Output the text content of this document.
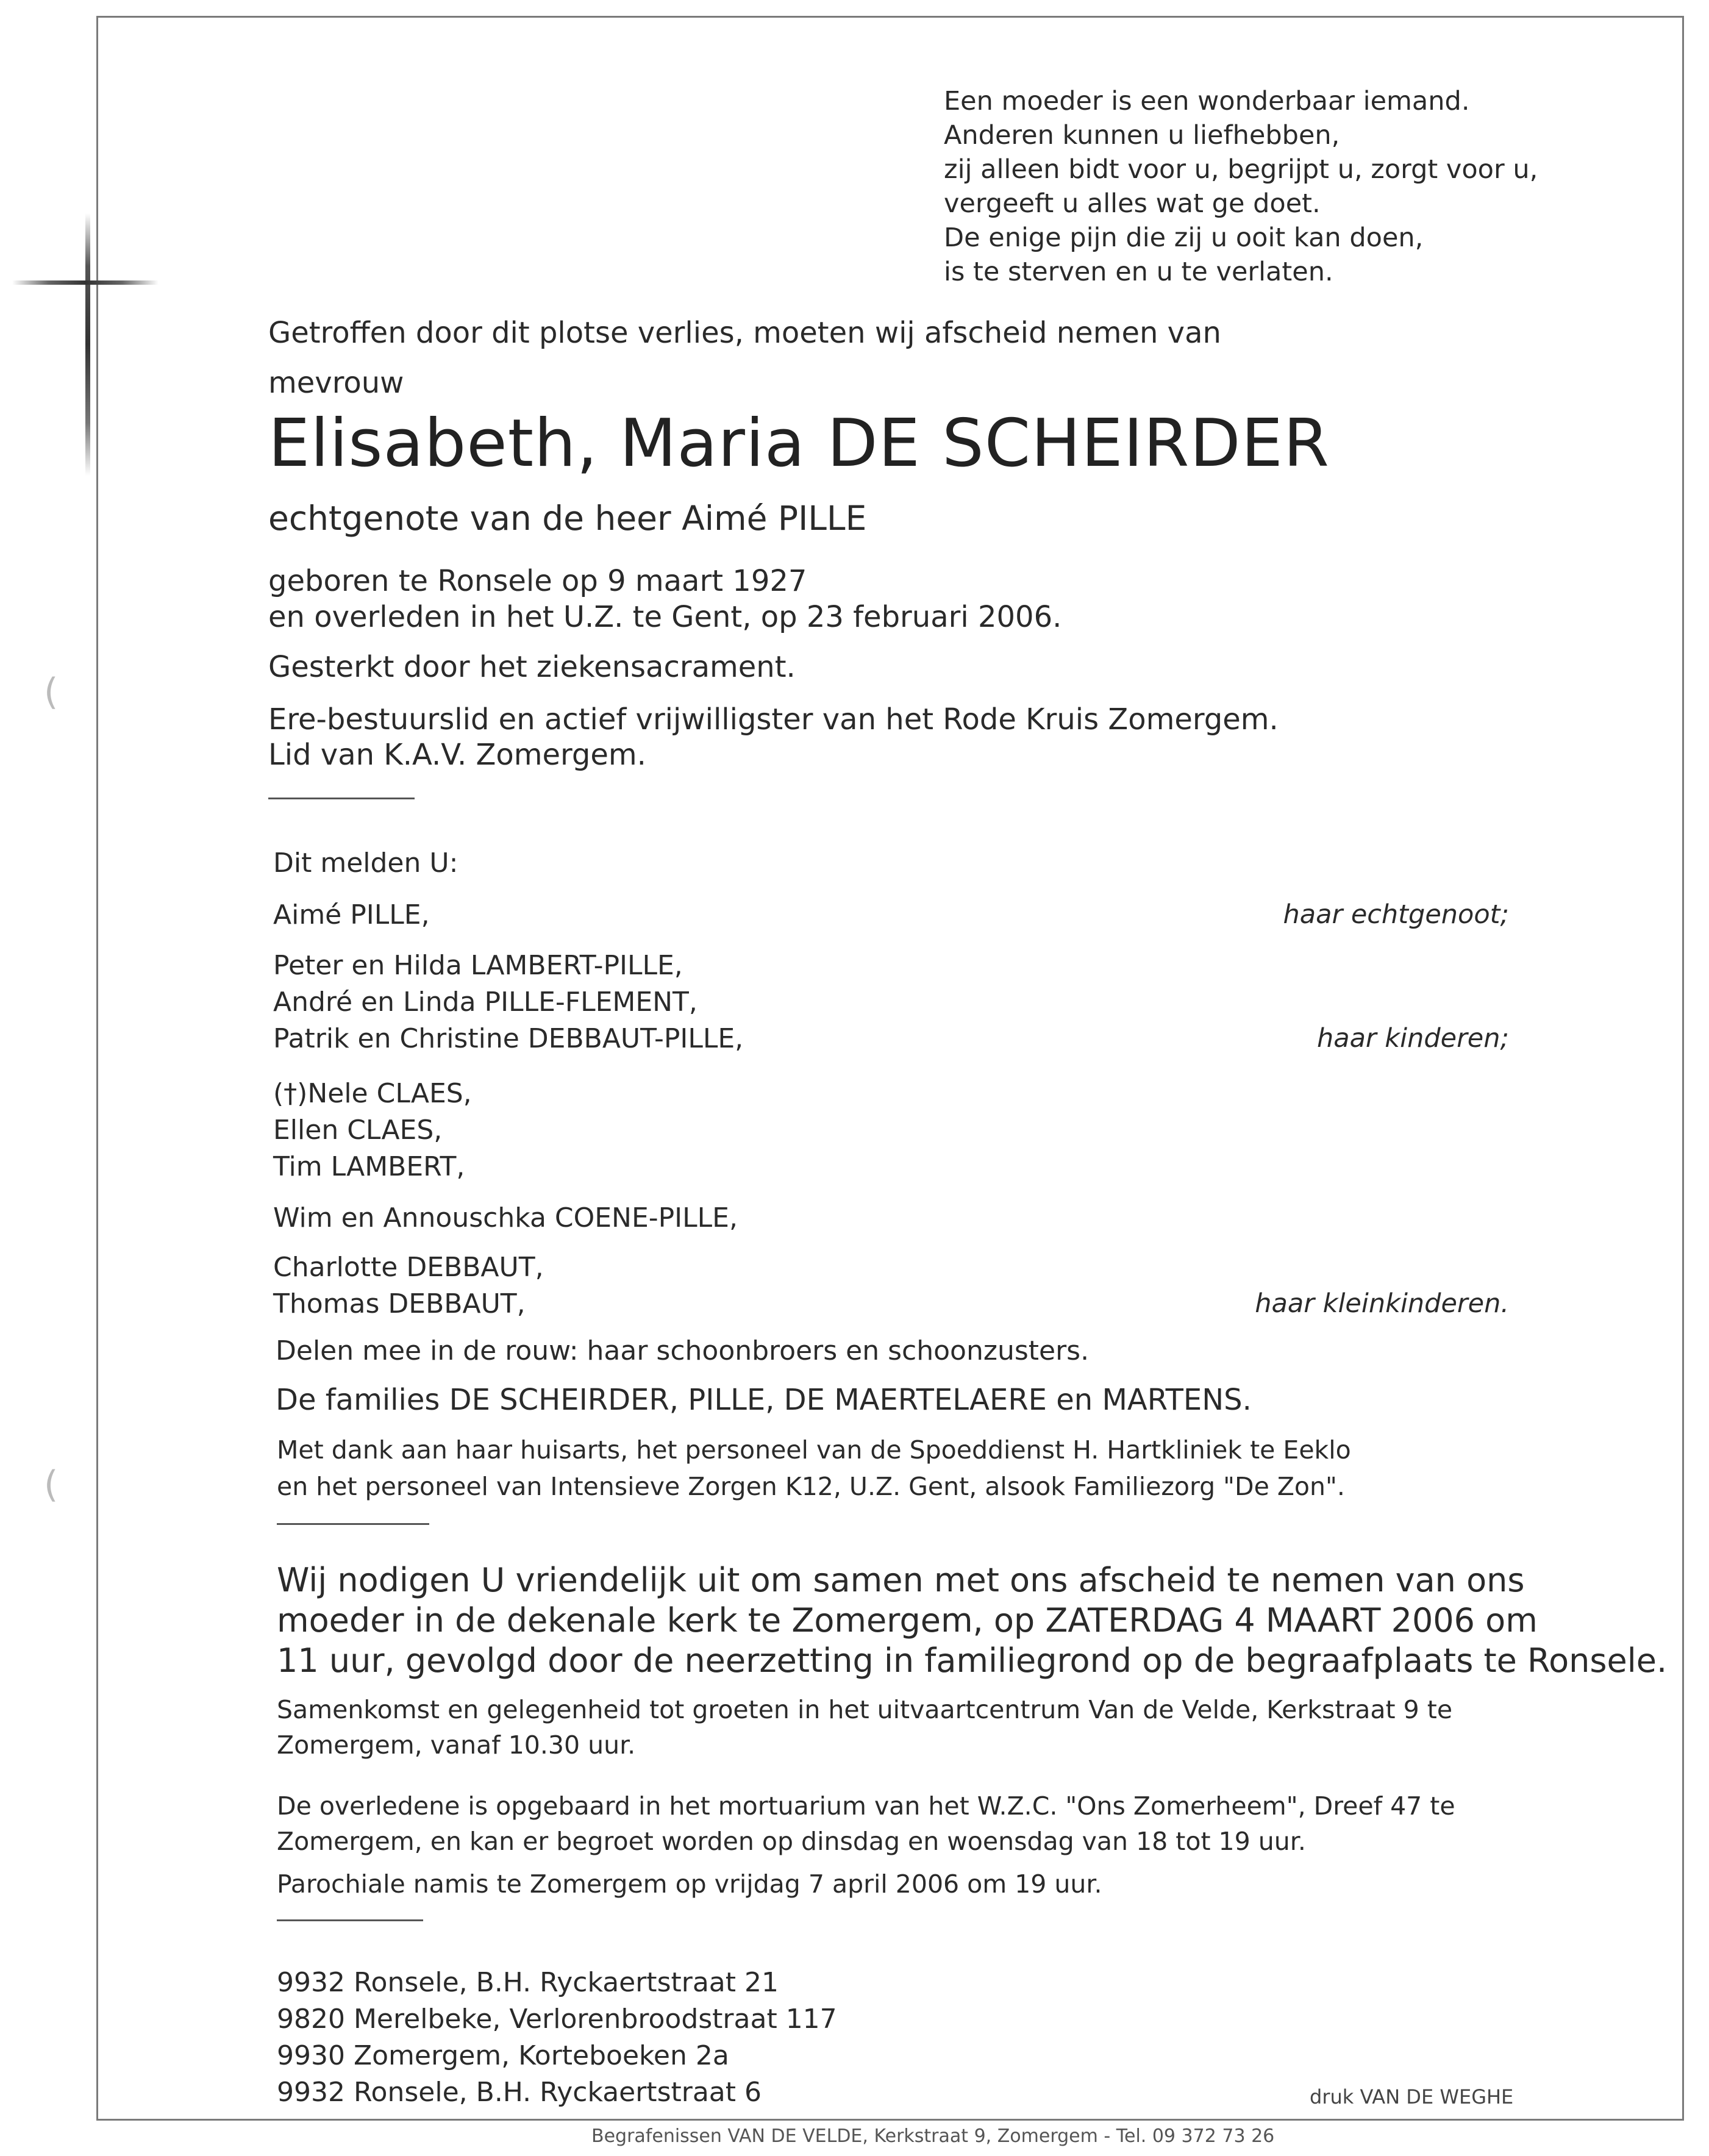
(
(
Een moeder is een wonderbaar iemand.
Anderen kunnen u liefhebben,
zij alleen bidt voor u, begrijpt u, zorgt voor u,
vergeeft u alles wat ge doet.
De enige pijn die zij u ooit kan doen,
is te sterven en u te verlaten.
Getroffen door dit plotse verlies, moeten wij afscheid nemen van
mevrouw
Elisabeth, Maria DE SCHEIRDER
echtgenote van de heer Aimé PILLE
geboren te Ronsele op 9 maart 1927
en overleden in het U.Z. te Gent, op 23 februari 2006.
Gesterkt door het ziekensacrament.
Ere-bestuurslid en actief vrijwilligster van het Rode Kruis Zomergem.
Lid van K.A.V. Zomergem.
Dit melden U:
Aimé PILLE,	haar echtgenoot;
Peter en Hilda LAMBERT-PILLE,
André en Linda PILLE-FLEMENT,
Patrik en Christine DEBBAUT-PILLE,	haar kinderen;
(†)Nele CLAES,
Ellen CLAES,
Tim LAMBERT,
Wim en Annouschka COENE-PILLE,
Charlotte DEBBAUT,
Thomas DEBBAUT,	haar kleinkinderen.
Delen mee in de rouw: haar schoonbroers en schoonzusters.
De families DE SCHEIRDER, PILLE, DE MAERTELAERE en MARTENS.
Met dank aan haar huisarts, het personeel van de Spoeddienst H. Hartkliniek te Eeklo
en het personeel van Intensieve Zorgen K12, U.Z. Gent, alsook Familiezorg "De Zon".
Wij nodigen U vriendelijk uit om samen met ons afscheid te nemen van ons
moeder in de dekenale kerk te Zomergem, op ZATERDAG 4 MAART 2006 om
11 uur, gevolgd door de neerzetting in familiegrond op de begraafplaats te Ronsele.
Samenkomst en gelegenheid tot groeten in het uitvaartcentrum Van de Velde, Kerkstraat 9 te
Zomergem, vanaf 10.30 uur.
De overledene is opgebaard in het mortuarium van het W.Z.C. "Ons Zomerheem", Dreef 47 te
Zomergem, en kan er begroet worden op dinsdag en woensdag van 18 tot 19 uur.
Parochiale namis te Zomergem op vrijdag 7 april 2006 om 19 uur.
9932 Ronsele, B.H. Ryckaertstraat 21
9820 Merelbeke, Verlorenbroodstraat 117
9930 Zomergem, Korteboeken 2a
9932 Ronsele, B.H. Ryckaertstraat 6	druk VAN DE WEGHE
Begrafenissen VAN DE VELDE, Kerkstraat 9, Zomergem - Tel. 09 372 73 26
